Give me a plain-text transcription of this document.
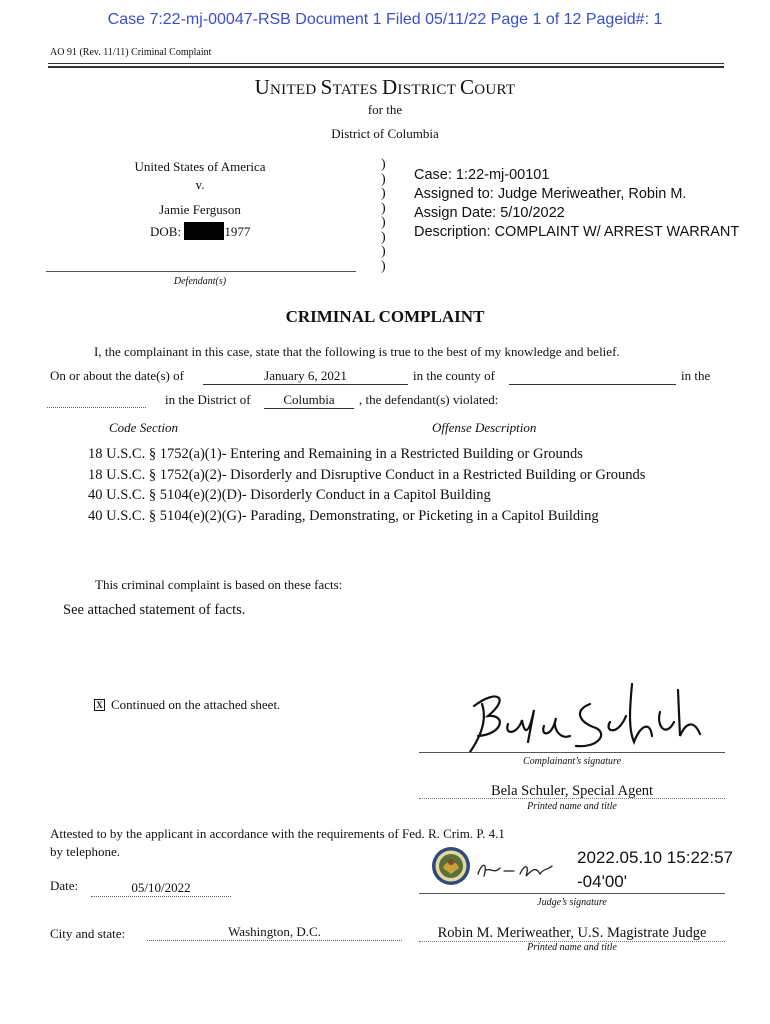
Case 7:22-mj-00047-RSB Document 1 Filed 05/11/22 Page 1 of 12 Pageid#: 1
AO 91 (Rev. 11/11) Criminal Complaint
UNITED STATES DISTRICT COURT
for the
District of Columbia
United States of America
v.
Jamie Ferguson
DOB:	1977
Defendant(s)
)
)
)
)
)
)
)
)
Case: 1:22-mj-00101
Assigned to: Judge Meriweather, Robin M.
Assign Date: 5/10/2022
Description: COMPLAINT W/ ARREST WARRANT
CRIMINAL COMPLAINT
I, the complainant in this case, state that the following is true to the best of my knowledge and belief.
On or about the date(s) of	January 6, 2021	in the county of	in the
in the District of	Columbia	, the defendant(s) violated:
Code Section	Offense Description
18 U.S.C. § 1752(a)(1)- Entering and Remaining in a Restricted Building or Grounds
18 U.S.C. § 1752(a)(2)- Disorderly and Disruptive Conduct in a Restricted Building or Grounds
40 U.S.C. § 5104(e)(2)(D)- Disorderly Conduct in a Capitol Building
40 U.S.C. § 5104(e)(2)(G)- Parading, Demonstrating, or Picketing in a Capitol Building
This criminal complaint is based on these facts:
See attached statement of facts.
X Continued on the attached sheet.
Complainant’s signature
Bela Schuler, Special Agent
Printed name and title
Attested to by the applicant in accordance with the requirements of Fed. R. Crim. P. 4.1
by telephone.
Date:	05/10/2022
2022.05.10 15:22:57
-04'00'
Judge’s signature
City and state:	Washington, D.C.	Robin M. Meriweather, U.S. Magistrate Judge
Printed name and title
